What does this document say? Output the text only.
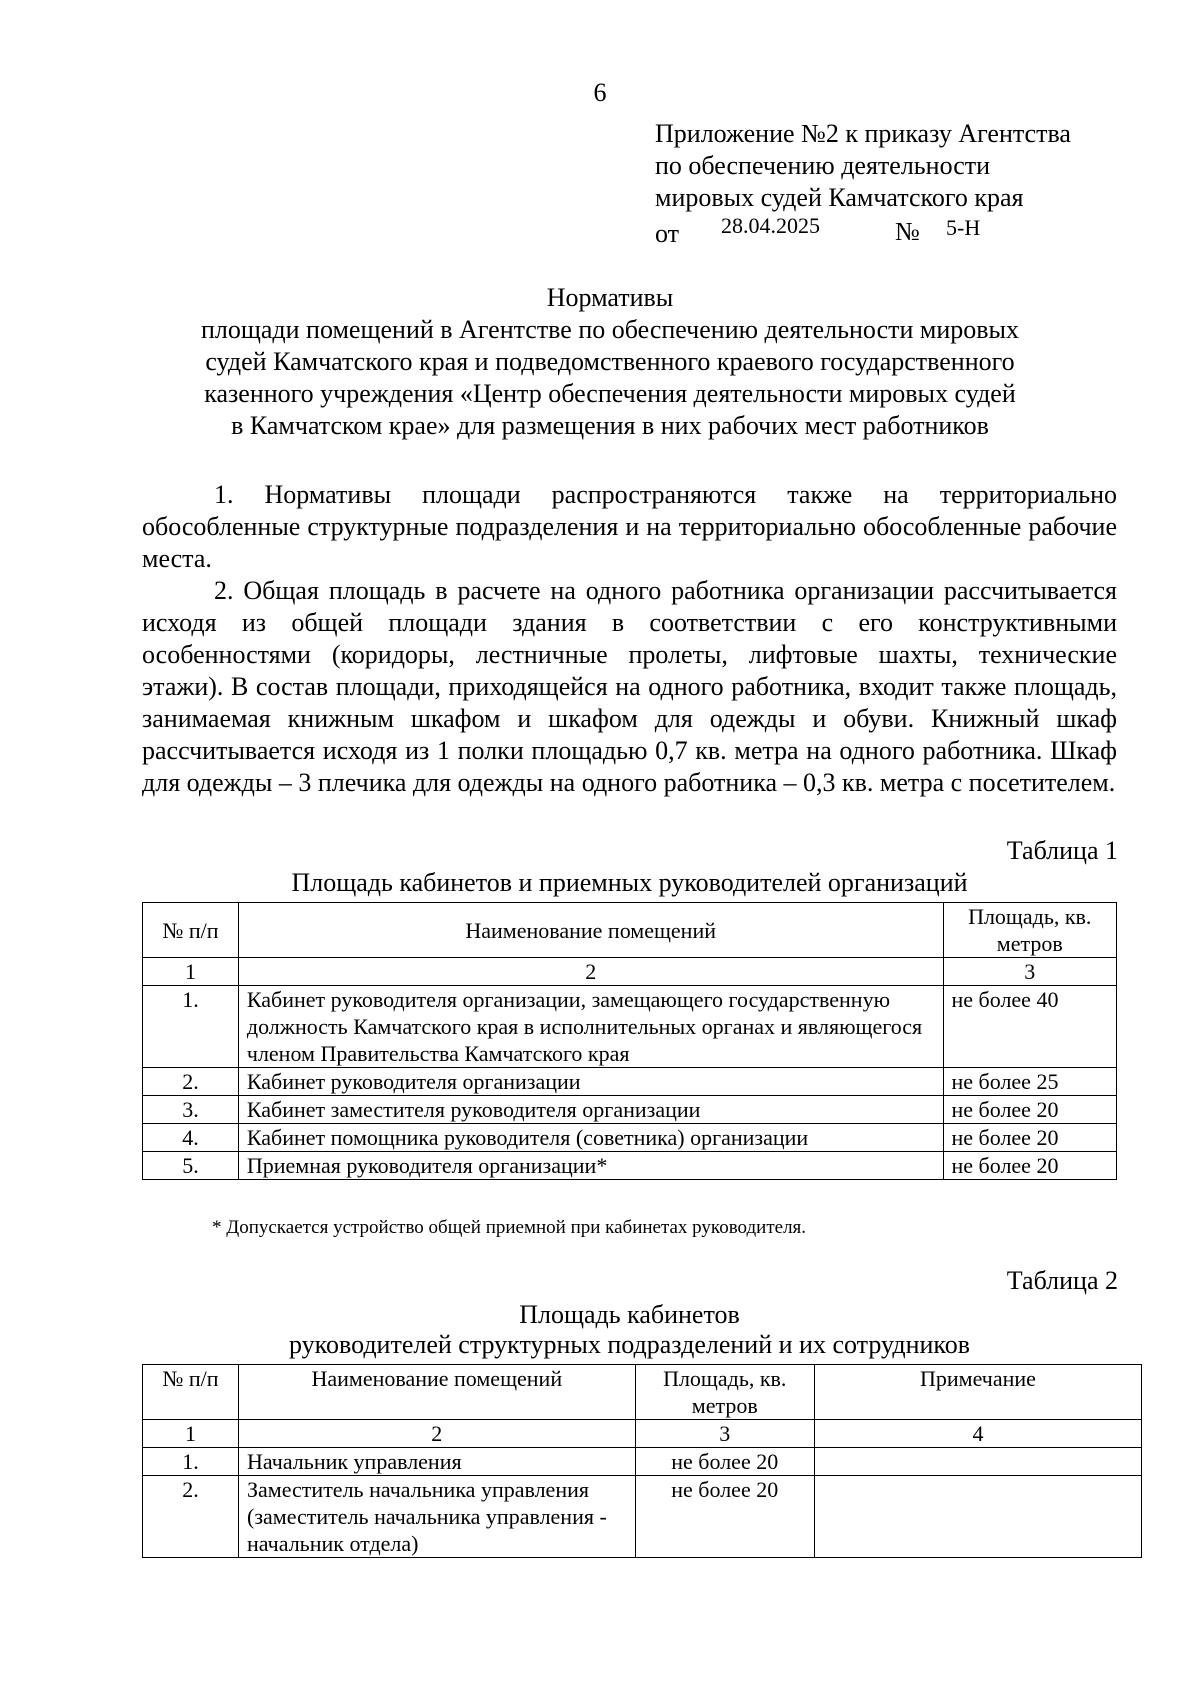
6
Приложение №2 к приказу Агентства
по обеспечению деятельности
мировых судей Камчатского края
от 28.04.2025	№ 5-Н
Нормативы
площади помещений в Агентстве по обеспечению деятельности мировых
судей Камчатского края и подведомственного краевого государственного
казенного учреждения «Центр обеспечения деятельности мировых судей
в Камчатском крае» для размещения в них рабочих мест работников

1. Нормативы площади распространяются также на территориально обособленные структурные подразделения и на территориально обособленные рабочие места.

2. Общая площадь в расчете на одного работника организации рассчитывается исходя из общей площади здания в соответствии с его конструктивными особенностями (коридоры, лестничные пролеты, лифтовые шахты, технические этажи). В состав площади, приходящейся на одного работника, входит также площадь, занимаемая книжным шкафом и шкафом для одежды и обуви. Книжный шкаф рассчитывается исходя из 1 полки площадью 0,7 кв. метра на одного работника. Шкаф для одежды – 3 плечика для одежды на одного работника – 0,3 кв. метра с посетителем.

Таблица 1
Площадь кабинетов и приемных руководителей организаций
№ п/п	Наименование помещений	Площадь, кв. метров
1	2	3
1.	Кабинет руководителя организации, замещающего государственную должность Камчатского края в исполнительных органах и являющегося членом Правительства Камчатского края	не более 40
2.	Кабинет руководителя организации	не более 25
3.	Кабинет заместителя руководителя организации	не более 20
4.	Кабинет помощника руководителя (советника) организации	не более 20
5.	Приемная руководителя организации*	не более 20
* Допускается устройство общей приемной при кабинетах руководителя.
Таблица 2
Площадь кабинетов
руководителей структурных подразделений и их сотрудников
№ п/п	Наименование помещений	Площадь, кв. метров	Примечание
1	2	3	4
1.	Начальник управления	не более 20	
2.	Заместитель начальника управления (заместитель начальника управления - начальник отдела)	не более 20	
